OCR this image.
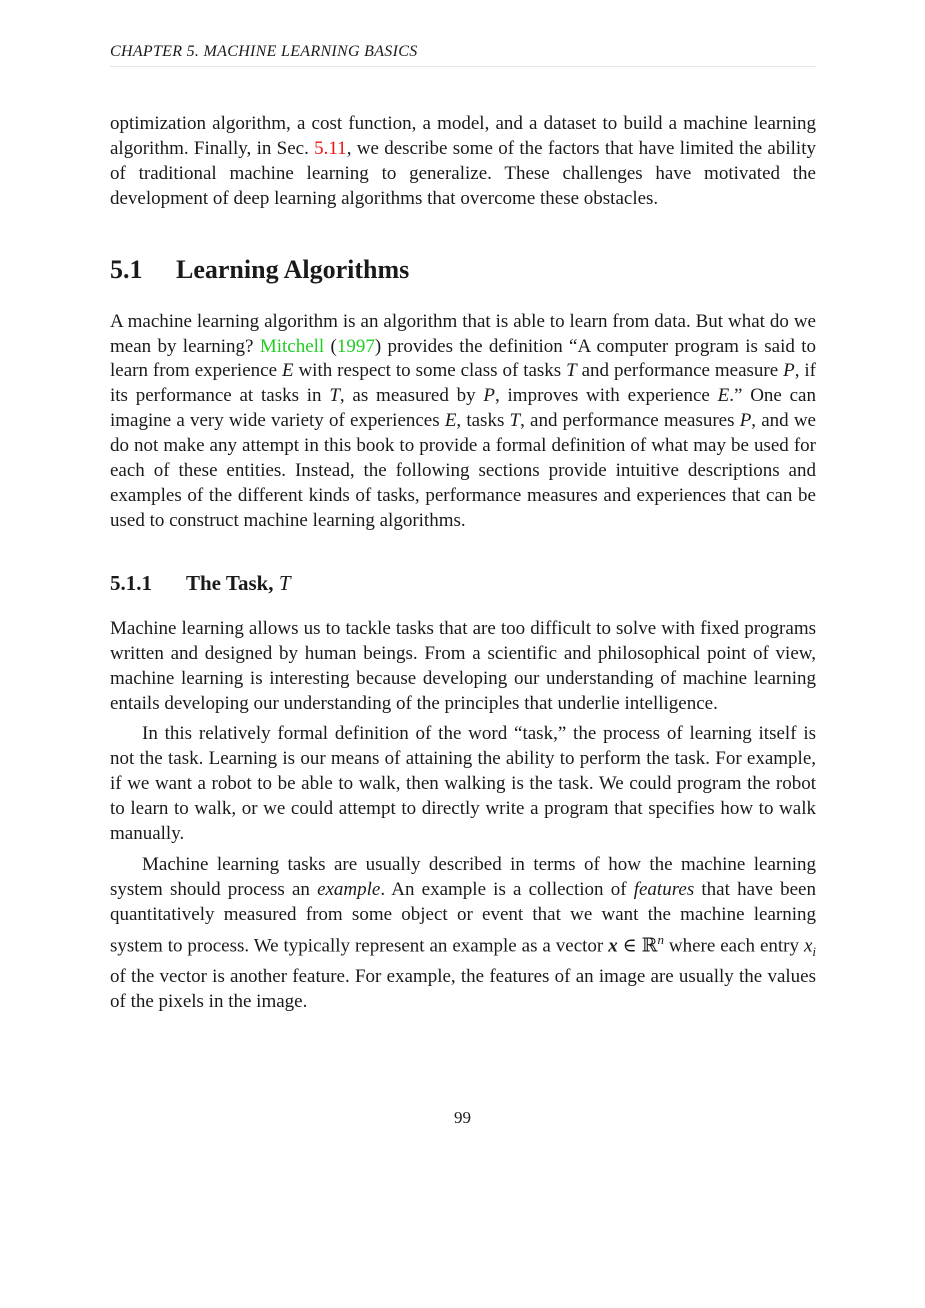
CHAPTER 5. MACHINE LEARNING BASICS

optimization algorithm, a cost function, a model, and a dataset to build a machine learning algorithm. Finally, in Sec. 5.11, we describe some of the factors that have limited the ability of traditional machine learning to generalize. These challenges have motivated the development of deep learning algorithms that overcome these obstacles.

5.1 Learning Algorithms

A machine learning algorithm is an algorithm that is able to learn from data. But what do we mean by learning? Mitchell (1997) provides the definition “A computer program is said to learn from experience E with respect to some class of tasks T and performance measure P, if its performance at tasks in T, as measured by P, improves with experience E.” One can imagine a very wide variety of experiences E, tasks T, and performance measures P, and we do not make any attempt in this book to provide a formal definition of what may be used for each of these entities. Instead, the following sections provide intuitive descriptions and examples of the different kinds of tasks, performance measures and experiences that can be used to construct machine learning algorithms.

5.1.1 The Task, T

Machine learning allows us to tackle tasks that are too difficult to solve with fixed programs written and designed by human beings. From a scientific and philosophical point of view, machine learning is interesting because developing our understanding of machine learning entails developing our understanding of the principles that underlie intelligence.

In this relatively formal definition of the word “task,” the process of learning itself is not the task. Learning is our means of attaining the ability to perform the task. For example, if we want a robot to be able to walk, then walking is the task. We could program the robot to learn to walk, or we could attempt to directly write a program that specifies how to walk manually.

Machine learning tasks are usually described in terms of how the machine learning system should process an example. An example is a collection of features that have been quantitatively measured from some object or event that we want the machine learning system to process. We typically represent an example as a vector x ∈ ℝ$^n$ where each entry $x_i$ of the vector is another feature. For example, the features of an image are usually the values of the pixels in the image.

99
